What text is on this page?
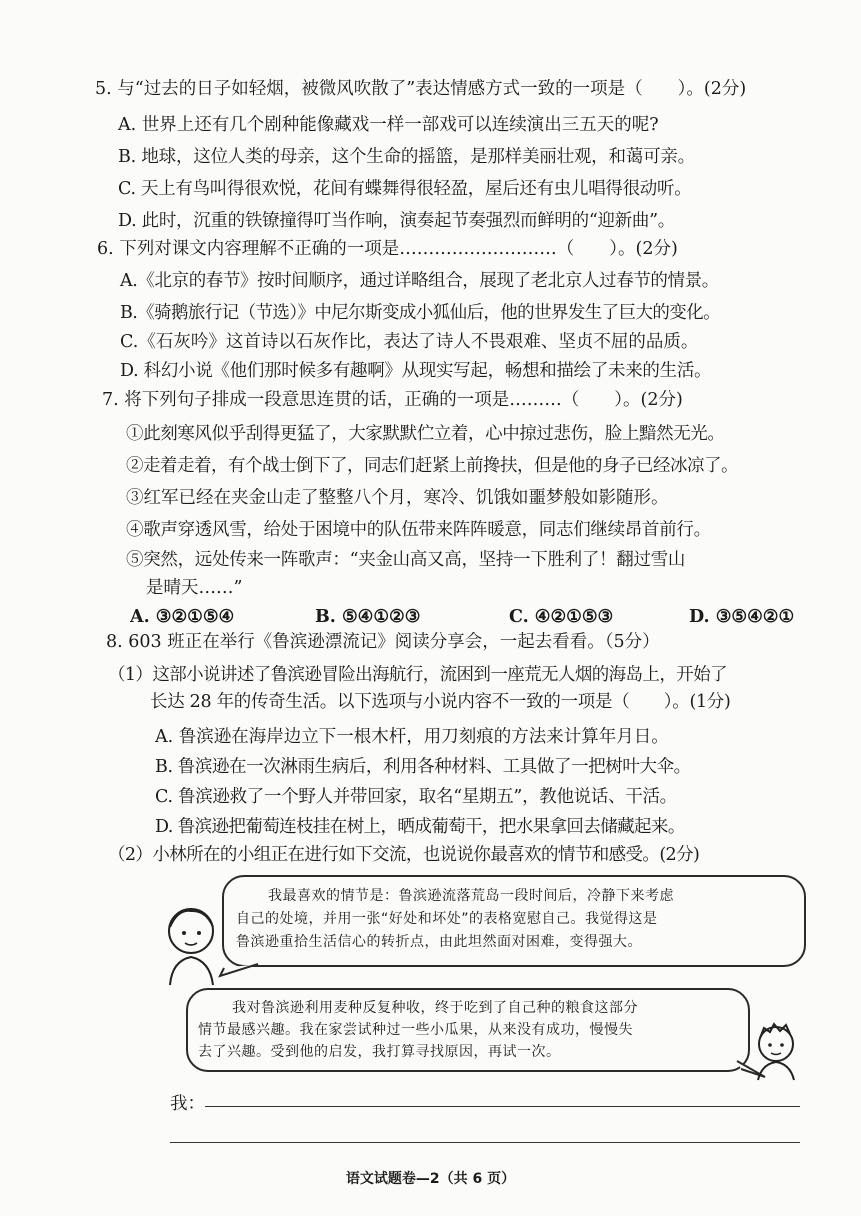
5. 与“过去的日子如轻烟，被微风吹散了”表达情感方式一致的一项是（　　）。(2分)
A. 世界上还有几个剧种能像藏戏一样一部戏可以连续演出三五天的呢?
B. 地球，这位人类的母亲，这个生命的摇篮，是那样美丽壮观，和蔼可亲。
C. 天上有鸟叫得很欢悦，花间有蝶舞得很轻盈，屋后还有虫儿唱得很动听。
D. 此时，沉重的铁镣撞得叮当作响，演奏起节奏强烈而鲜明的“迎新曲”。
6. 下列对课文内容理解不正确的一项是………………………（　　）。(2分)
A.《北京的春节》按时间顺序，通过详略组合，展现了老北京人过春节的情景。
B.《骑鹅旅行记（节选）》中尼尔斯变成小狐仙后，他的世界发生了巨大的变化。
C.《石灰吟》这首诗以石灰作比，表达了诗人不畏艰难、坚贞不屈的品质。
D. 科幻小说《他们那时候多有趣啊》从现实写起，畅想和描绘了未来的生活。
7. 将下列句子排成一段意思连贯的话，正确的一项是………（　　）。(2分)
①此刻寒风似乎刮得更猛了，大家默默伫立着，心中掠过悲伤，脸上黯然无光。
②走着走着，有个战士倒下了，同志们赶紧上前搀扶，但是他的身子已经冰凉了。
③红军已经在夹金山走了整整八个月，寒冷、饥饿如噩梦般如影随形。
④歌声穿透风雪，给处于困境中的队伍带来阵阵暖意，同志们继续昂首前行。
⑤突然，远处传来一阵歌声：“夹金山高又高，坚持一下胜利了！翻过雪山
是晴天……”
A. ③②①⑤④	B. ⑤④①②③	C. ④②①⑤③	D. ③⑤④②①
8. 603 班正在举行《鲁滨逊漂流记》阅读分享会，一起去看看。（5分）
（1）这部小说讲述了鲁滨逊冒险出海航行，流困到一座荒无人烟的海岛上，开始了
长达 28 年的传奇生活。以下选项与小说内容不一致的一项是（　　）。(1分)
A. 鲁滨逊在海岸边立下一根木杆，用刀刻痕的方法来计算年月日。
B. 鲁滨逊在一次淋雨生病后，利用各种材料、工具做了一把树叶大伞。
C. 鲁滨逊救了一个野人并带回家，取名“星期五”，教他说话、干活。
D. 鲁滨逊把葡萄连枝挂在树上，晒成葡萄干，把水果拿回去储藏起来。
（2）小林所在的小组正在进行如下交流，也说说你最喜欢的情节和感受。(2分)
我最喜欢的情节是：鲁滨逊流落荒岛一段时间后，冷静下来考虑
自己的处境，并用一张“好处和坏处”的表格宽慰自己。我觉得这是
鲁滨逊重拾生活信心的转折点，由此坦然面对困难，变得强大。
我对鲁滨逊利用麦种反复种收，终于吃到了自己种的粮食这部分
情节最感兴趣。我在家尝试种过一些小瓜果，从来没有成功，慢慢失
去了兴趣。受到他的启发，我打算寻找原因，再试一次。
我：
语文试题卷—2（共 6 页）
